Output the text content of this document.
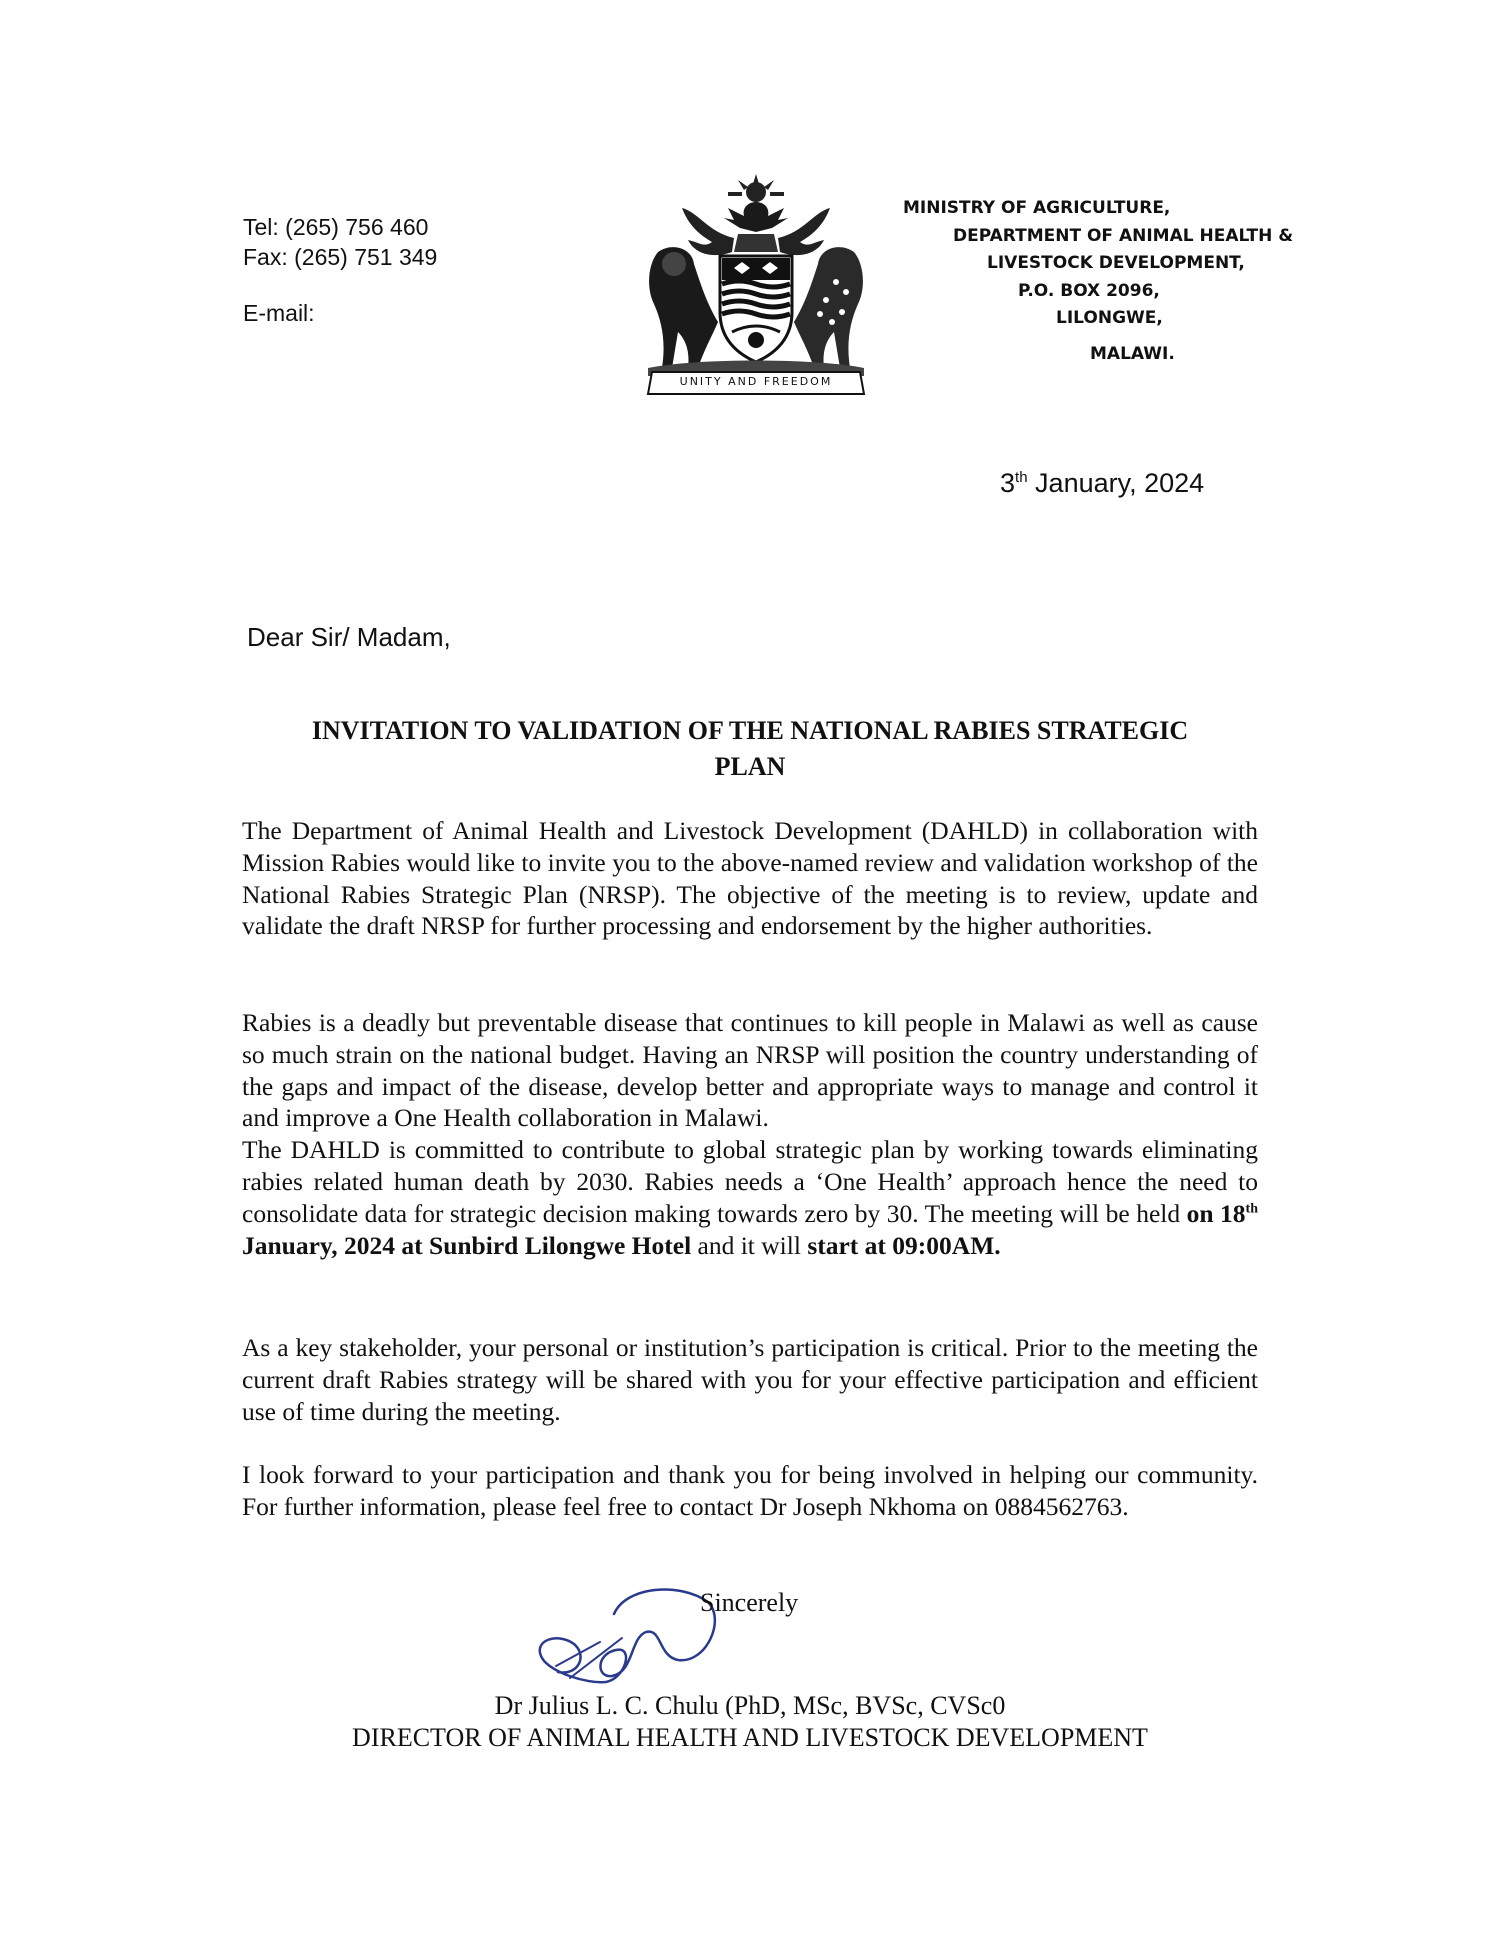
Tel: (265) 756 460
Fax: (265) 751 349
E-mail:
UNITY AND FREEDOM
MINISTRY OF AGRICULTURE,
DEPARTMENT OF ANIMAL HEALTH &
LIVESTOCK DEVELOPMENT,
P.O. BOX 2096,
LILONGWE,
MALAWI.
3th January, 2024
Dear Sir/ Madam,
INVITATION TO VALIDATION OF THE NATIONAL RABIES STRATEGIC
PLAN
The Department of Animal Health and Livestock Development (DAHLD) in collaboration with Mission Rabies would like to invite you to the above-named review and validation workshop of the National Rabies Strategic Plan (NRSP). The objective of the meeting is to review, update and validate the draft NRSP for further processing and endorsement by the higher authorities.
Rabies is a deadly but preventable disease that continues to kill people in Malawi as well as cause so much strain on the national budget. Having an NRSP will position the country understanding of the gaps and impact of the disease, develop better and appropriate ways to manage and control it and improve a One Health collaboration in Malawi.
The DAHLD is committed to contribute to global strategic plan by working towards eliminating rabies related human death by 2030. Rabies needs a ‘One Health’ approach hence the need to consolidate data for strategic decision making towards zero by 30. The meeting will be held on 18th January, 2024 at Sunbird Lilongwe Hotel and it will start at 09:00AM.
As a key stakeholder, your personal or institution’s participation is critical. Prior to the meeting the current draft Rabies strategy will be shared with you for your effective participation and efficient use of time during the meeting.
I look forward to your participation and thank you for being involved in helping our community. For further information, please feel free to contact Dr Joseph Nkhoma on 0884562763.
Sincerely
Dr Julius L. C. Chulu (PhD, MSc, BVSc, CVSc0
DIRECTOR OF ANIMAL HEALTH AND LIVESTOCK DEVELOPMENT
